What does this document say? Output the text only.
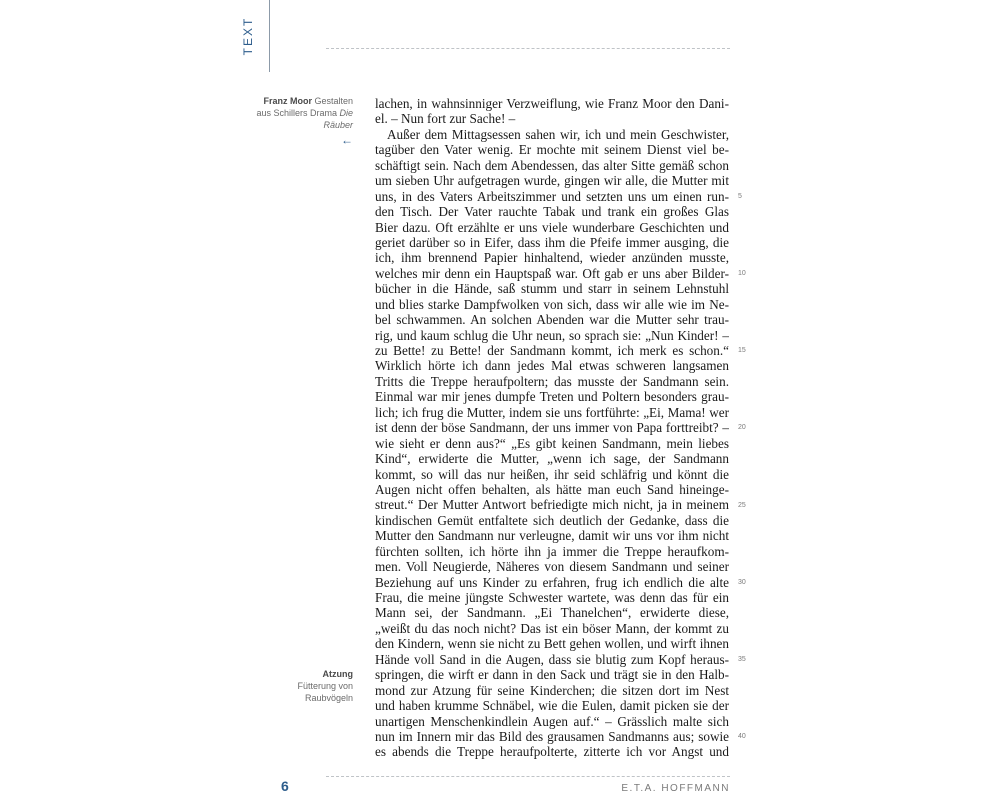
TEXT
Franz Moor Gestalten aus Schillers Drama Die Räuber
←
Atzung
Fütterung von Raubvögeln
lachen, in wahnsinniger Verzweiflung, wie Franz Moor den Dani-
el. – Nun fort zur Sache! –
Außer dem Mittagsessen sahen wir, ich und mein Geschwister,
tagüber den Vater wenig. Er mochte mit seinem Dienst viel be-
schäftigt sein. Nach dem Abendessen, das alter Sitte gemäß schon
um sieben Uhr aufgetragen wurde, gingen wir alle, die Mutter mit
uns, in des Vaters Arbeitszimmer und setzten uns um einen run-
den Tisch. Der Vater rauchte Tabak und trank ein großes Glas
Bier dazu. Oft erzählte er uns viele wunderbare Geschichten und
geriet darüber so in Eifer, dass ihm die Pfeife immer ausging, die
ich, ihm brennend Papier hinhaltend, wieder anzünden musste,
welches mir denn ein Hauptspaß war. Oft gab er uns aber Bilder-
bücher in die Hände, saß stumm und starr in seinem Lehnstuhl
und blies starke Dampfwolken von sich, dass wir alle wie im Ne-
bel schwammen. An solchen Abenden war die Mutter sehr trau-
rig, und kaum schlug die Uhr neun, so sprach sie: „Nun Kinder! –
zu Bette! zu Bette! der Sandmann kommt, ich merk es schon.“
Wirklich hörte ich dann jedes Mal etwas schweren langsamen
Tritts die Treppe heraufpoltern; das musste der Sandmann sein.
Einmal war mir jenes dumpfe Treten und Poltern besonders grau-
lich; ich frug die Mutter, indem sie uns fortführte: „Ei, Mama! wer
ist denn der böse Sandmann, der uns immer von Papa forttreibt? –
wie sieht er denn aus?“ „Es gibt keinen Sandmann, mein liebes
Kind“, erwiderte die Mutter, „wenn ich sage, der Sandmann
kommt, so will das nur heißen, ihr seid schläfrig und könnt die
Augen nicht offen behalten, als hätte man euch Sand hineinge-
streut.“ Der Mutter Antwort befriedigte mich nicht, ja in meinem
kindischen Gemüt entfaltete sich deutlich der Gedanke, dass die
Mutter den Sandmann nur verleugne, damit wir uns vor ihm nicht
fürchten sollten, ich hörte ihn ja immer die Treppe heraufkom-
men. Voll Neugierde, Näheres von diesem Sandmann und seiner
Beziehung auf uns Kinder zu erfahren, frug ich endlich die alte
Frau, die meine jüngste Schwester wartete, was denn das für ein
Mann sei, der Sandmann. „Ei Thanelchen“, erwiderte diese,
„weißt du das noch nicht? Das ist ein böser Mann, der kommt zu
den Kindern, wenn sie nicht zu Bett gehen wollen, und wirft ihnen
Hände voll Sand in die Augen, dass sie blutig zum Kopf heraus-
springen, die wirft er dann in den Sack und trägt sie in den Halb-
mond zur Atzung für seine Kinderchen; die sitzen dort im Nest
und haben krumme Schnäbel, wie die Eulen, damit picken sie der
unartigen Menschenkindlein Augen auf.“ – Grässlich malte sich
nun im Innern mir das Bild des grausamen Sandmanns aus; sowie
es abends die Treppe heraufpolterte, zitterte ich vor Angst und
5
10
15
20
25
30
35
40
6	E.T.A. HOFFMANN
